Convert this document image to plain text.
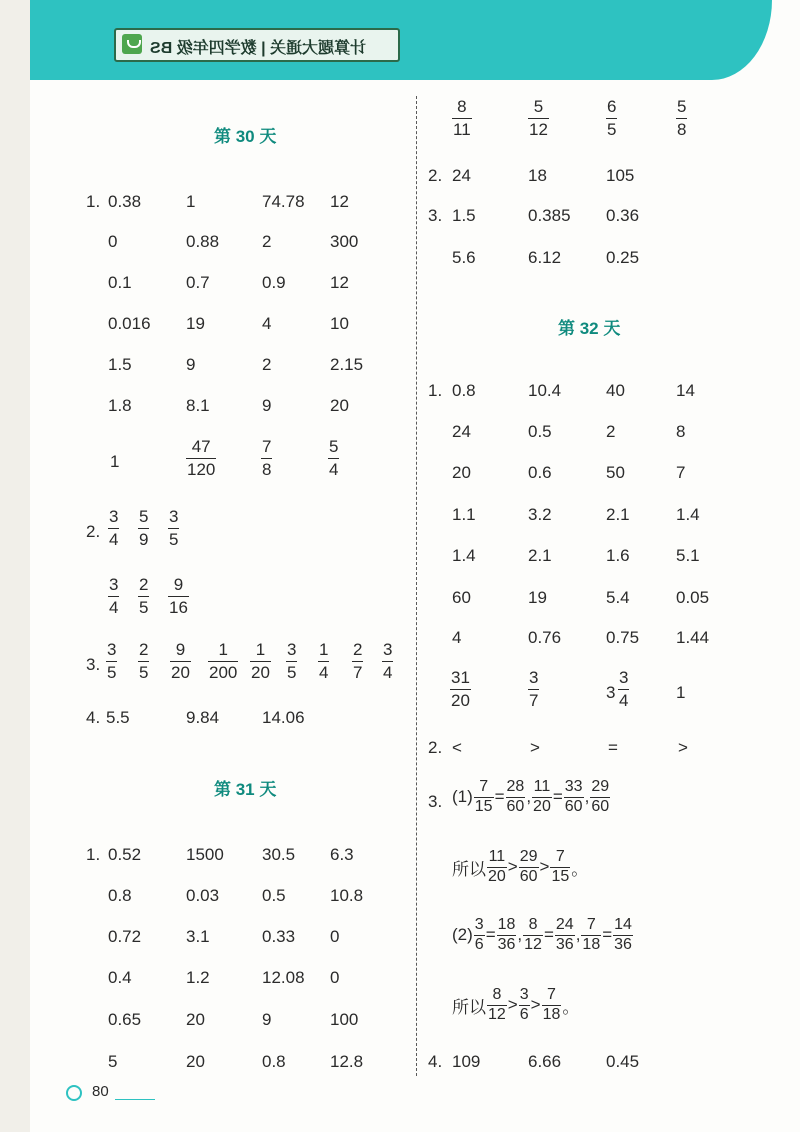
计算题大通关 | 数学四年级 BS
第 30 天
1. 0.38	1	74.78 12
0	0.88	2	300
0.1	0.7	0.9	12
0.016 19	4	10
1.5	9	2	2.15
1.8	8.1	9	20
1	$\frac{47}{120}$	$\frac{7}{8}$	$\frac{5}{4}$
2. $\frac{3}{4} \frac{5}{9} \frac{3}{5}$
$\frac{3}{4} \frac{2}{5} \frac{9}{16}$
3. $\frac{3}{5} \frac{2}{5} \frac{9}{20} \frac{1}{200} \frac{1}{20} \frac{3}{5} \frac{1}{4} \frac{2}{7} \frac{3}{4}$
4. 5.5	9.84	14.06
第 31 天
1. 0.52	1500 30.5 6.3
0.8	0.03	0.5	10.8
0.72	3.1	0.33 0
0.4	1.2	12.08 0
0.65	20	9	100
5	20	0.8	12.8
$\frac{8}{11}$	$\frac{5}{12}$	$\frac{6}{5}$	$\frac{5}{8}$
2. 24	18	105
3. 1.5	0.385 0.36
5.6	6.12	0.25
第 32 天
1. 0.8	10.4	40	14
24	0.5	2	8
20	0.6	50	7
1.1	3.2	2.1	1.4
1.4	2.1	1.6	5.1
60	19	5.4	0.05
4	0.76	0.75 1.44
$\frac{31}{20}$	$\frac{3}{7}$	$3 \frac{3}{4}$	1
2. <	>	=	>
3. $(1) \frac{7}{15} = \frac{28}{60}$ , $\frac{11}{20} = \frac{33}{60}$ , $\frac{29}{60}$
所以 $\frac{11}{20} > \frac{29}{60} > \frac{7}{15}$ 。
$(2) \frac{3}{6} = \frac{18}{36}$ , $\frac{8}{12} = \frac{24}{36}$ , $\frac{7}{18} = \frac{14}{36}$
所以 $\frac{8}{12} > \frac{3}{6} > \frac{7}{18}$ 。
4. 109	6.66	0.45
80
